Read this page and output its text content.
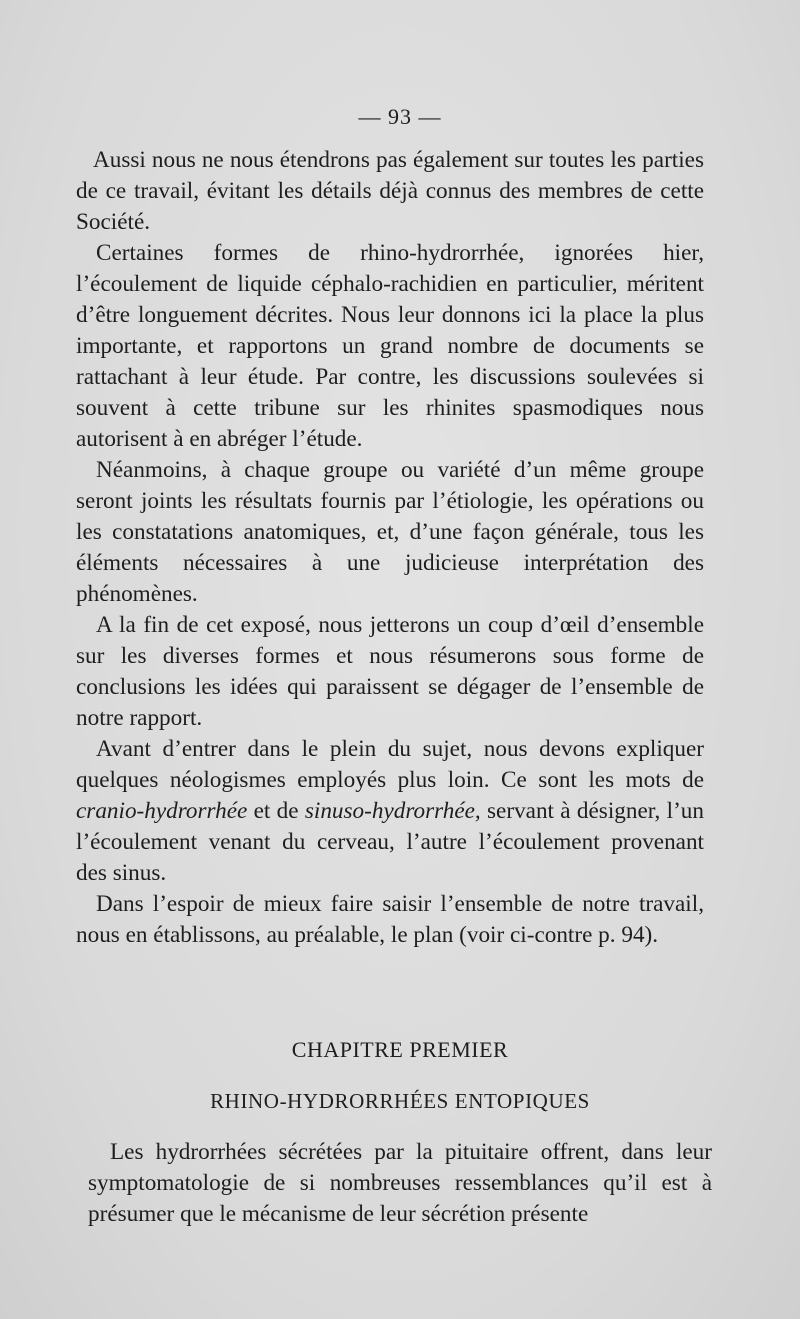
— 93 —

Aussi nous ne nous étendrons pas également sur toutes les parties de ce travail, évitant les détails déjà connus des membres de cette Société.

Certaines formes de rhino-hydrorrhée, ignorées hier, l’écoulement de liquide céphalo-rachidien en particulier, méritent d’être longuement décrites. Nous leur donnons ici la place la plus importante, et rapportons un grand nombre de documents se rattachant à leur étude. Par contre, les discussions soulevées si souvent à cette tribune sur les rhinites spasmodiques nous autorisent à en abréger l’étude.

Néanmoins, à chaque groupe ou variété d’un même groupe seront joints les résultats fournis par l’étiologie, les opérations ou les constatations anatomiques, et, d’une façon générale, tous les éléments nécessaires à une judicieuse interprétation des phénomènes.

A la fin de cet exposé, nous jetterons un coup d’œil d’ensemble sur les diverses formes et nous résumerons sous forme de conclusions les idées qui paraissent se dégager de l’ensemble de notre rapport.

Avant d’entrer dans le plein du sujet, nous devons expliquer quelques néologismes employés plus loin. Ce sont les mots de cranio-hydrorrhée et de sinuso-hydrorrhée, servant à désigner, l’un l’écoulement venant du cerveau, l’autre l’écoulement provenant des sinus.

Dans l’espoir de mieux faire saisir l’ensemble de notre travail, nous en établissons, au préalable, le plan (voir ci-contre p. 94).

CHAPITRE PREMIER
RHINO-HYDRORRHÉES ENTOPIQUES

Les hydrorrhées sécrétées par la pituitaire offrent, dans leur symptomatologie de si nombreuses ressemblances qu’il est à présumer que le mécanisme de leur sécrétion présente
